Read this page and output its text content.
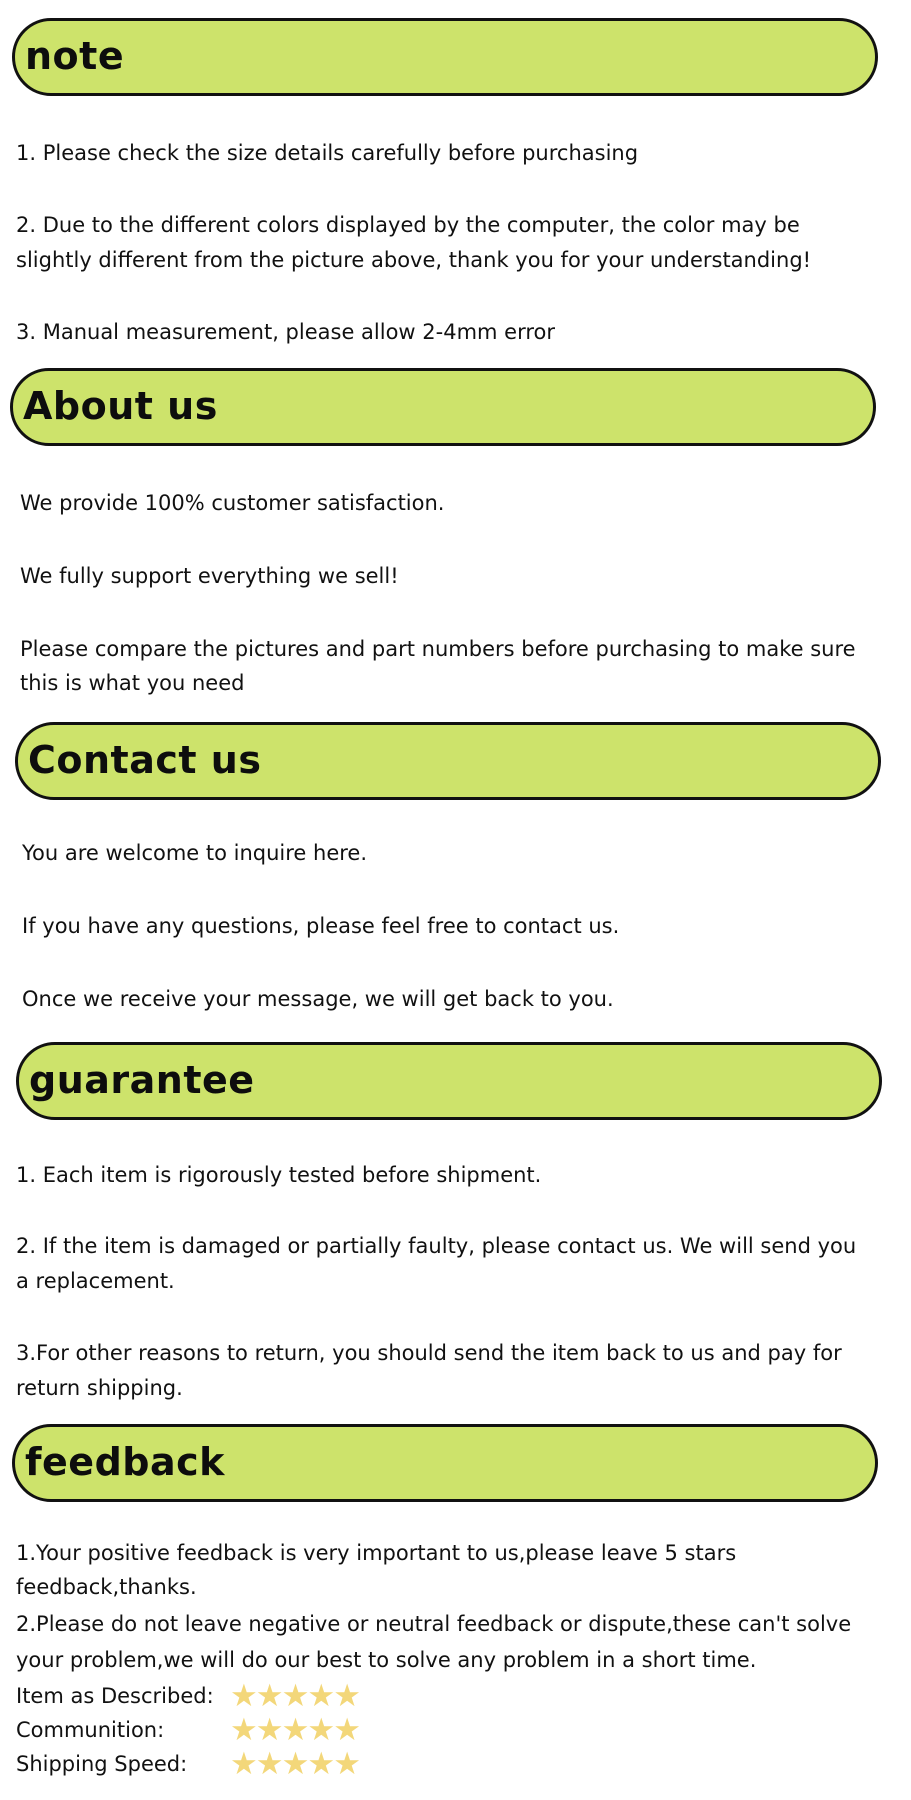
note
1. Please check the size details carefully before purchasing
2. Due to the different colors displayed by the computer, the color may be
slightly different from the picture above, thank you for your understanding!
3. Manual measurement, please allow 2-4mm error
About us
We provide 100% customer satisfaction.
We fully support everything we sell!
Please compare the pictures and part numbers before purchasing to make sure
this is what you need
Contact us
You are welcome to inquire here.
If you have any questions, please feel free to contact us.
Once we receive your message, we will get back to you.
guarantee
1. Each item is rigorously tested before shipment.
2. If the item is damaged or partially faulty, please contact us. We will send you
a replacement.
3.For other reasons to return, you should send the item back to us and pay for
return shipping.
feedback
1.Your positive feedback is very important to us,please leave 5 stars
feedback,thanks.
2.Please do not leave negative or neutral feedback or dispute,these can't solve
your problem,we will do our best to solve any problem in a short time.
Item as Described: ★ ★ ★ ★ ★
Communition:	★ ★ ★ ★ ★
Shipping Speed:	★ ★ ★ ★ ★
